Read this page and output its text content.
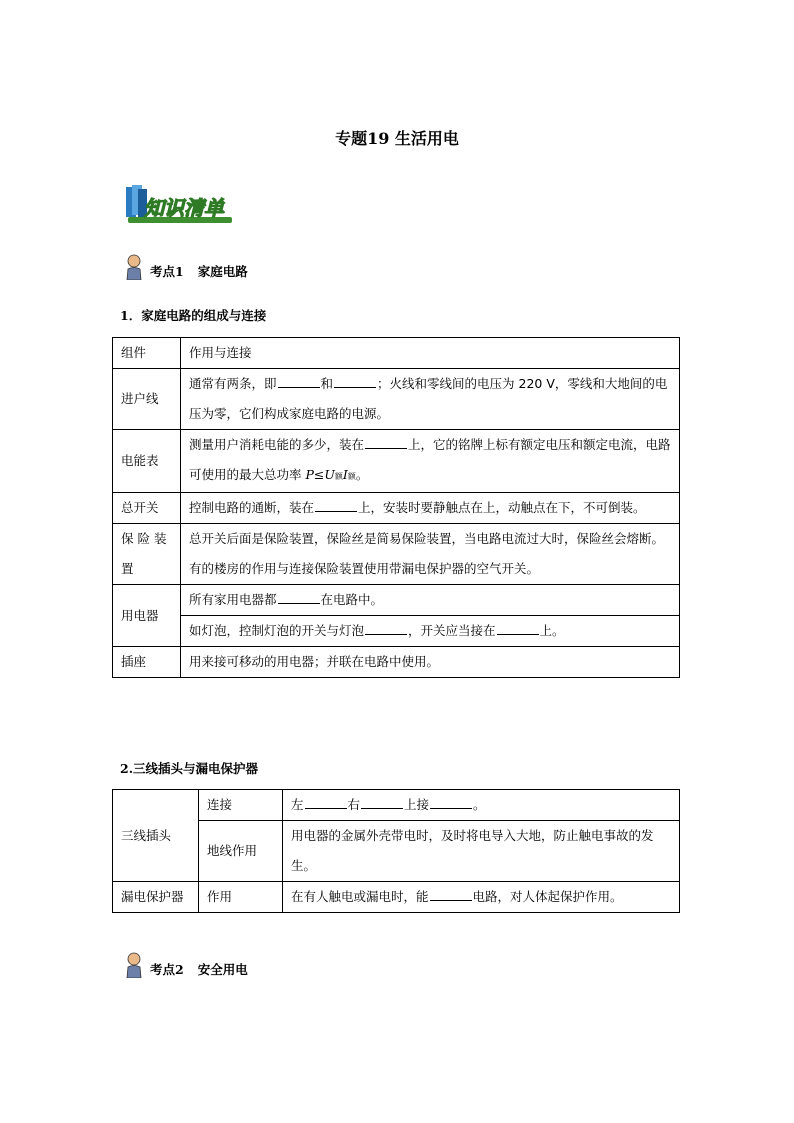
专题19 生活用电
知识清单
考点1 家庭电路
1．家庭电路的组成与连接
组件	作用与连接
进户线	通常有两条，即 和 ；火线和零线间的电压为 220 V，零线和大地间的电压为零，它们构成家庭电路的电源。
电能表	测量用户消耗电能的多少，装在 上，它的铭牌上标有额定电压和额定电流，电路可使用的最大总功率 P≤U额I额。
总开关	控制电路的通断，装在 上，安装时要静触点在上，动触点在下，不可倒装。
保 险 装 置	总开关后面是保险装置，保险丝是简易保险装置，当电路电流过大时，保险丝会熔断。有的楼房的作用与连接保险装置使用带漏电保护器的空气开关。
用电器	所有家用电器都 在电路中。
	如灯泡，控制灯泡的开关与灯泡 ，开关应当接在 上。
插座	用来接可移动的用电器；并联在电路中使用。
2.三线插头与漏电保护器
三线插头	连接	左 右 上接 。
	地线作用	用电器的金属外壳带电时，及时将电导入大地，防止触电事故的发生。
漏电保护器	作用	在有人触电或漏电时，能 电路，对人体起保护作用。
考点2 安全用电
